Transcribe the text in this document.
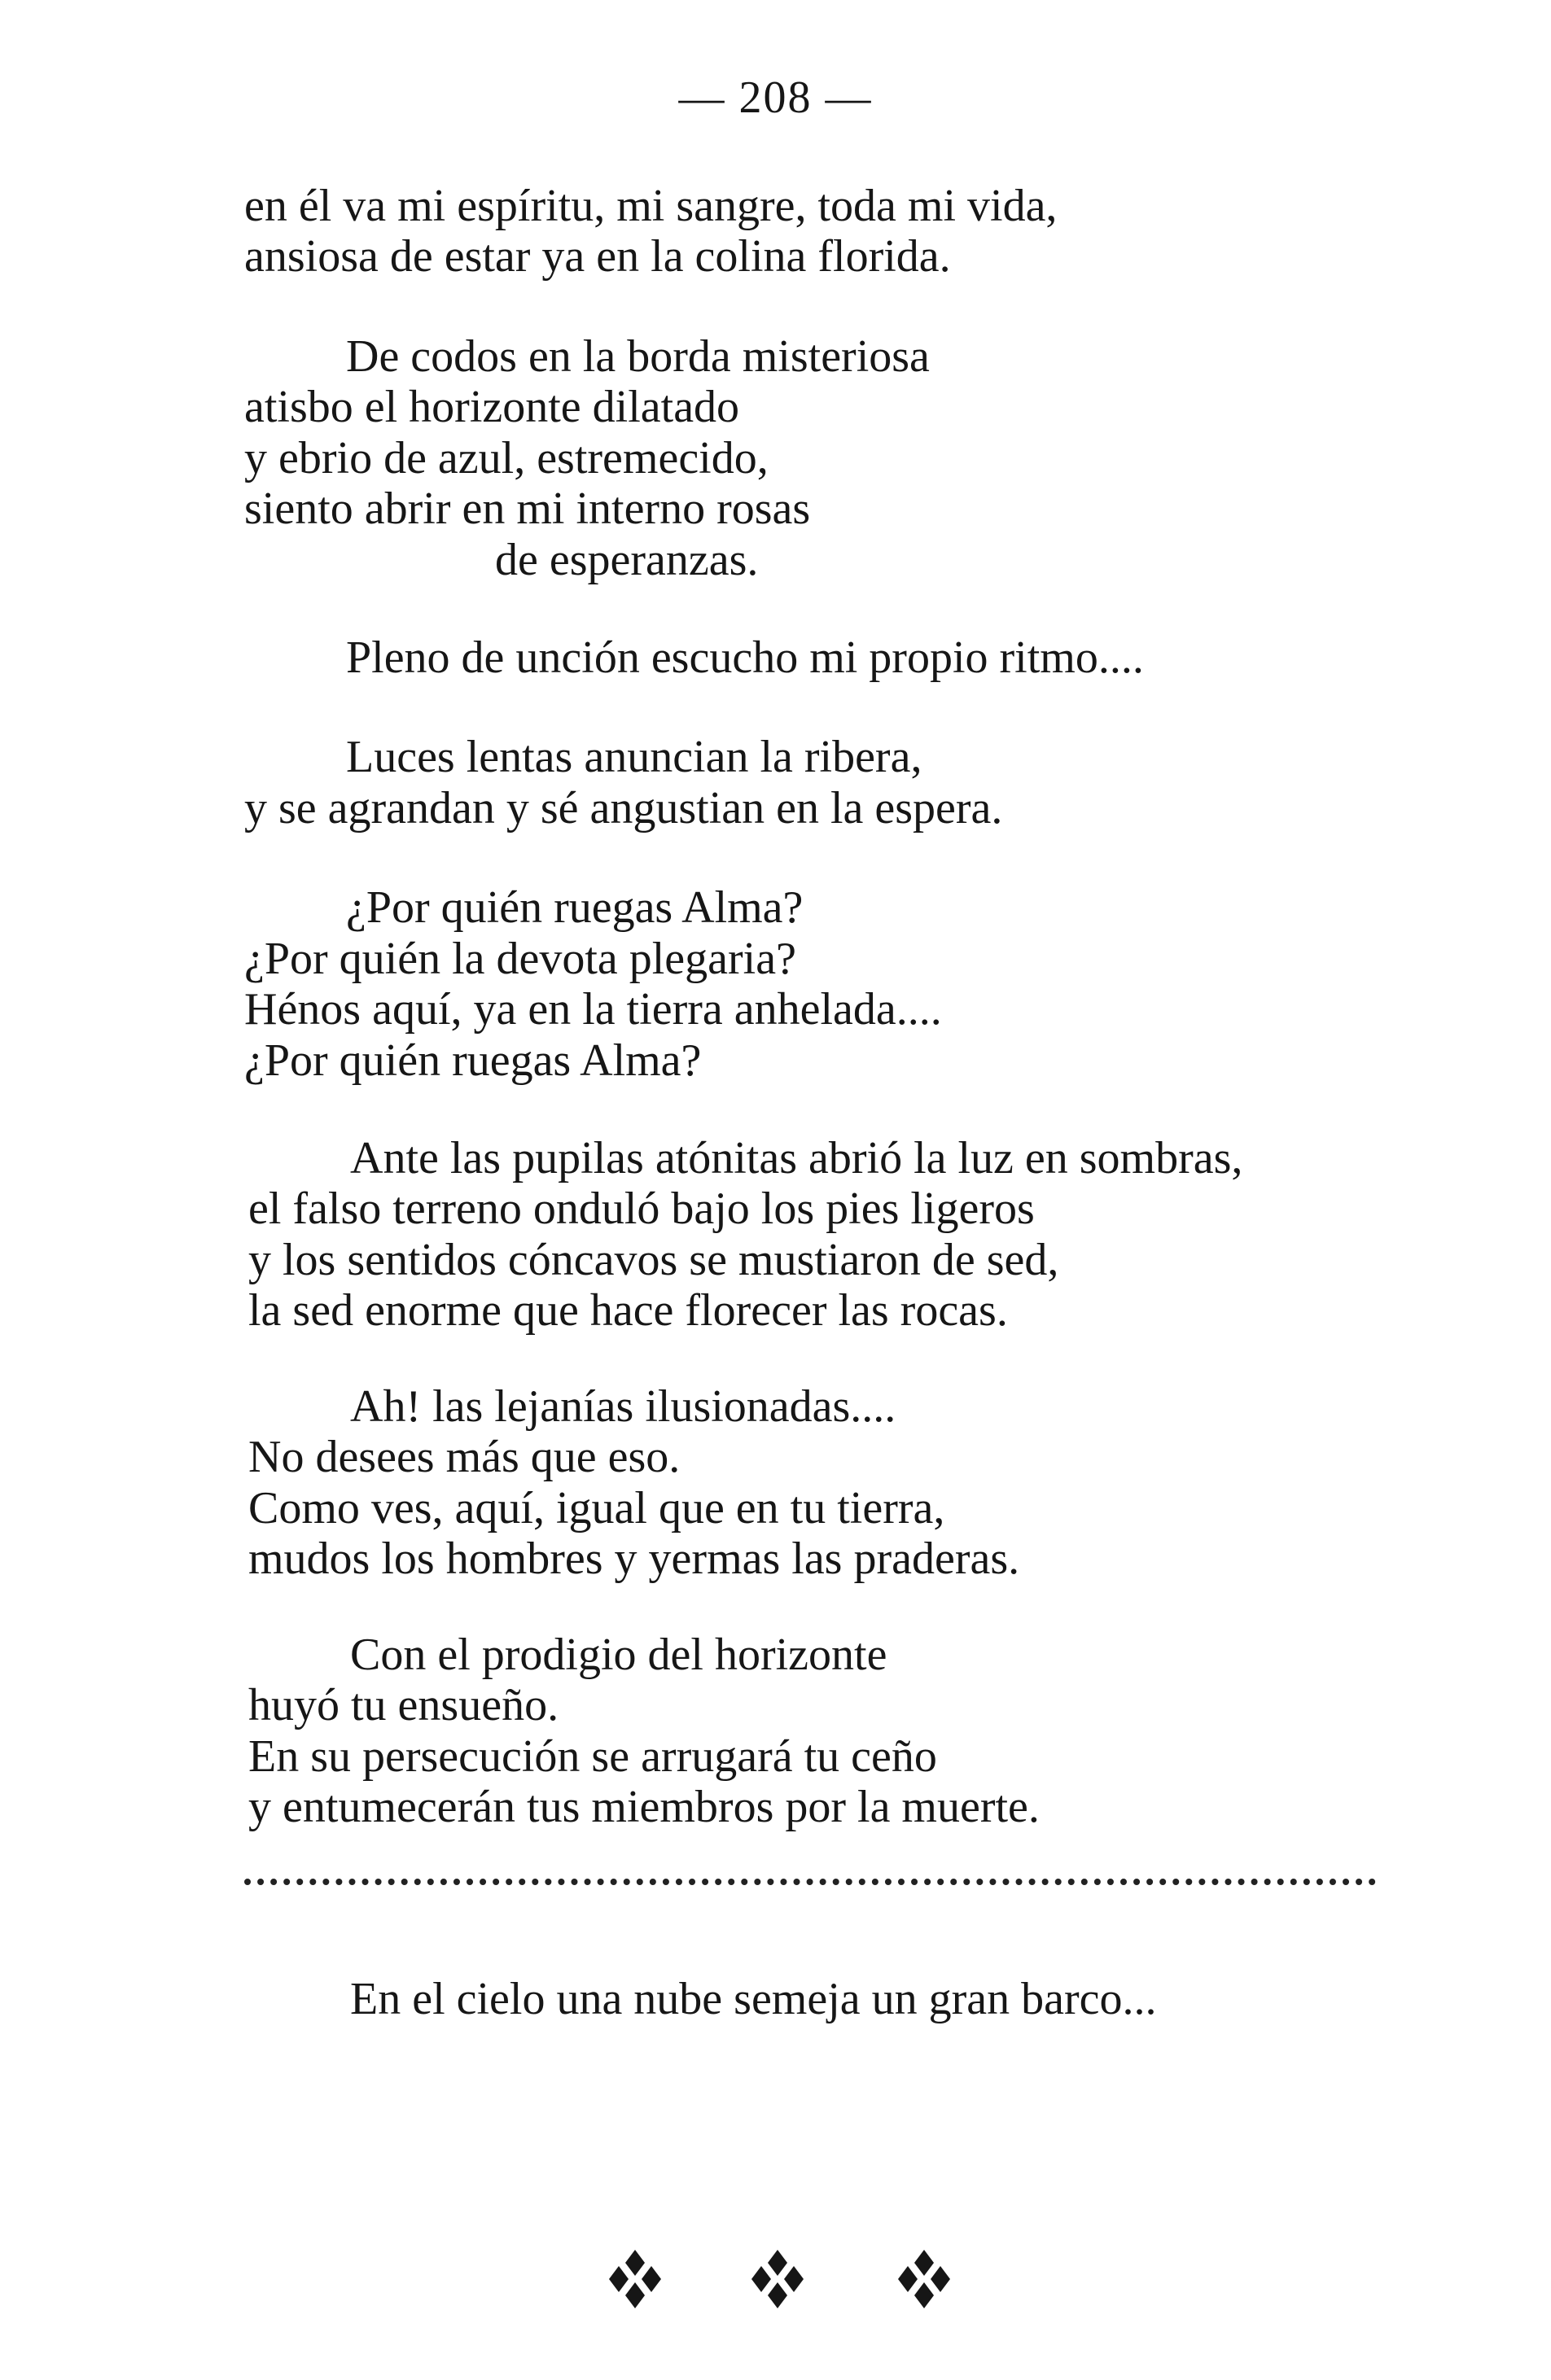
— 208 —
en él va mi espíritu, mi sangre, toda mi vida,
ansiosa de estar ya en la colina florida.
De codos en la borda misteriosa
atisbo el horizonte dilatado
y ebrio de azul, estremecido,
siento abrir en mi interno rosas
de esperanzas.
Pleno de unción escucho mi propio ritmo....
Luces lentas anuncian la ribera,
y se agrandan y sé angustian en la espera.
¿Por quién ruegas Alma?
¿Por quién la devota plegaria?
Hénos aquí, ya en la tierra anhelada....
¿Por quién ruegas Alma?
Ante las pupilas atónitas abrió la luz en sombras,
el falso terreno onduló bajo los pies ligeros
y los sentidos cóncavos se mustiaron de sed,
la sed enorme que hace florecer las rocas.
Ah! las lejanías ilusionadas....
No desees más que eso.
Como ves, aquí, igual que en tu tierra,
mudos los hombres y yermas las praderas.
Con el prodigio del horizonte
huyó tu ensueño.
En su persecución se arrugará tu ceño
y entumecerán tus miembros por la muerte.
En el cielo una nube semeja un gran barco...
